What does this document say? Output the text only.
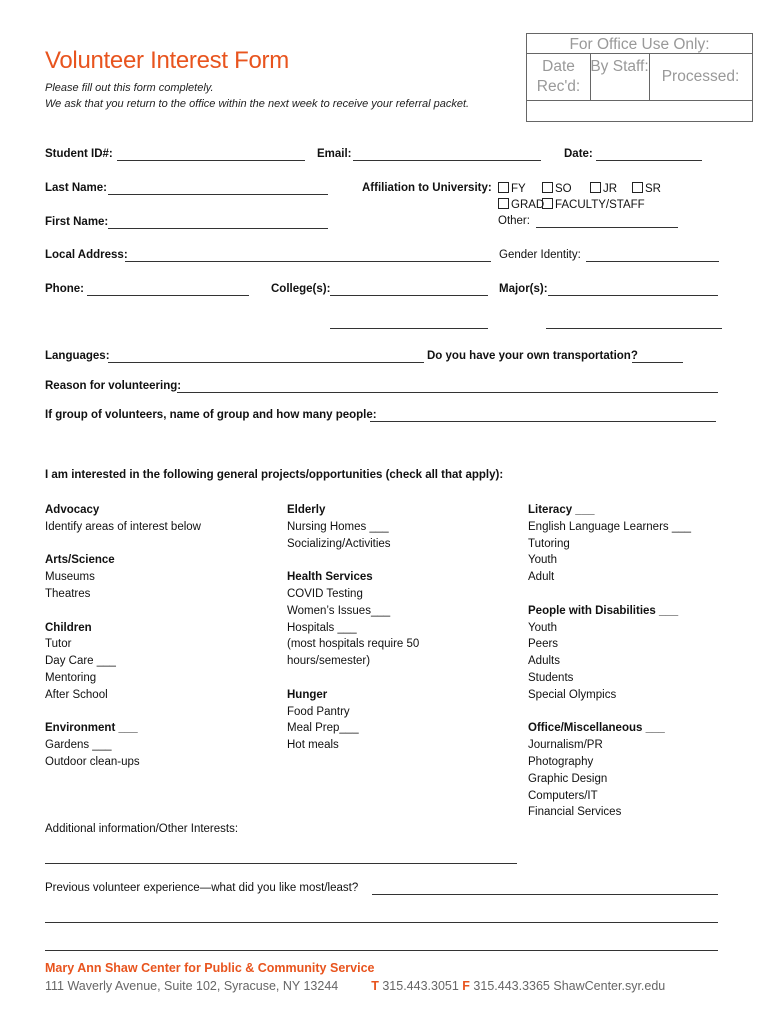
Volunteer Interest Form
Please fill out this form completely.
We ask that you return to the office within the next week to receive your referral packet.
For Office Use Only:
Date Rec'd:
By Staff:
Processed:
Student ID#:	Email:	Date:
Last Name:	Affiliation to University:	FY	SO	JR	SR
GRAD FACULTY/STAFF
Other:
First Name:
Local Address:	Gender Identity:
Phone:	College(s):	Major(s):
Languages:	Do you have your own transportation?
Reason for volunteering:
If group of volunteers, name of group and how many people:
I am interested in the following general projects/opportunities (check all that apply):
Advocacy
Identify areas of interest below

Arts/Science
Museums
Theatres

Children
Tutor
Day Care ___
Mentoring
After School

Environment ___
Gardens ___
Outdoor clean-ups
Elderly
Nursing Homes ___
Socializing/Activities

Health Services
COVID Testing
Women’s Issues___
Hospitals ___
(most hospitals require 50
hours/semester)

Hunger
Food Pantry
Meal Prep___
Hot meals
Literacy ___
English Language Learners ___
Tutoring
Youth
Adult

People with Disabilities ___
Youth
Peers
Adults
Students
Special Olympics

Office/Miscellaneous ___
Journalism/PR
Photography
Graphic Design
Computers/IT
Financial Services
Additional information/Other Interests:
Previous volunteer experience—what did you like most/least?
Mary Ann Shaw Center for Public & Community Service
111 Waverly Avenue, Suite 102, Syracuse, NY 13244	T 315.443.3051 F 315.443.3365 ShawCenter.syr.edu
